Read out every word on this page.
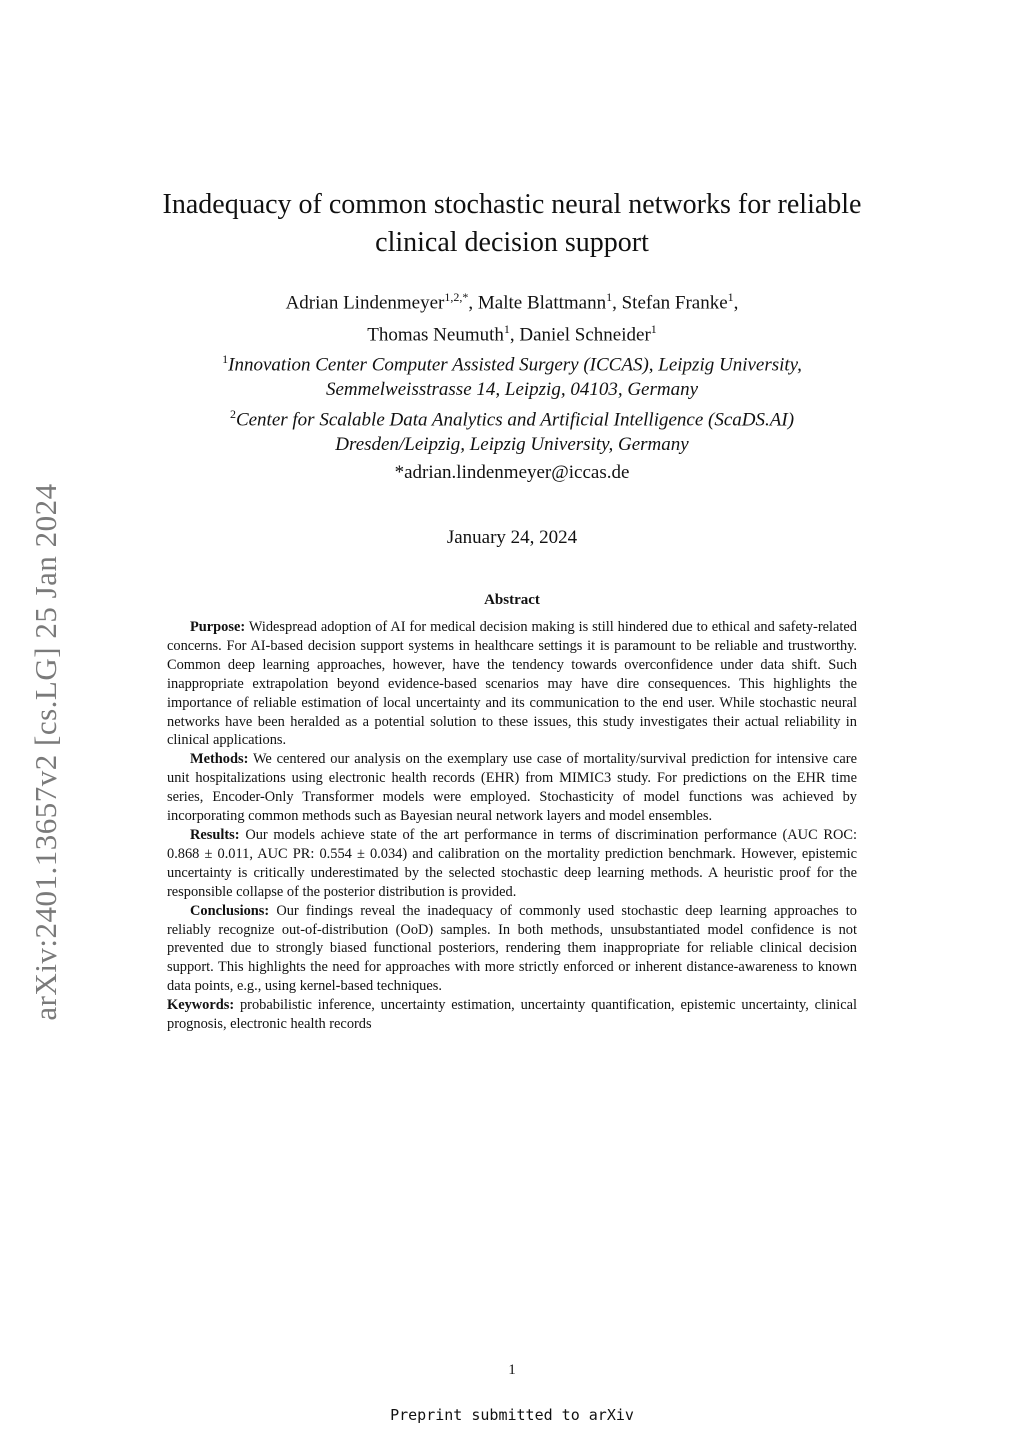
arXiv:2401.13657v2 [cs.LG] 25 Jan 2024
Inadequacy of common stochastic neural networks for reliable
clinical decision support
Adrian Lindenmeyer$^{1,2,*}$, Malte Blattmann$^1$, Stefan Franke$^1$,
Thomas Neumuth$^1$, Daniel Schneider$^1$
$^1$Innovation Center Computer Assisted Surgery (ICCAS), Leipzig University,
Semmelweisstrasse 14, Leipzig, 04103, Germany
$^2$Center for Scalable Data Analytics and Artificial Intelligence (ScaDS.AI)
Dresden/Leipzig, Leipzig University, Germany
*adrian.lindenmeyer@iccas.de
January 24, 2024
Abstract

Purpose: Widespread adoption of AI for medical decision making is still hindered due to ethical and safety-related concerns. For AI-based decision support systems in healthcare settings it is paramount to be reliable and trustworthy. Common deep learning approaches, however, have the tendency towards overconfidence under data shift. Such inappropriate extrapolation beyond evidence-based scenarios may have dire consequences. This highlights the importance of reliable estimation of local uncertainty and its communication to the end user. While stochastic neural networks have been heralded as a potential solution to these issues, this study investigates their actual reliability in clinical applications.

Methods: We centered our analysis on the exemplary use case of mortality/survival prediction for intensive care unit hospitalizations using electronic health records (EHR) from MIMIC3 study. For predictions on the EHR time series, Encoder-Only Transformer models were employed. Stochasticity of model functions was achieved by incorporating common methods such as Bayesian neural network layers and model ensembles.

Results: Our models achieve state of the art performance in terms of discrimination performance (AUC ROC: 0.868 ± 0.011, AUC PR: 0.554 ± 0.034) and calibration on the mortality prediction benchmark. However, epistemic uncertainty is critically underestimated by the selected stochastic deep learning methods. A heuristic proof for the responsible collapse of the posterior distribution is provided.

Conclusions: Our findings reveal the inadequacy of commonly used stochastic deep learning approaches to reliably recognize out-of-distribution (OoD) samples. In both methods, unsubstantiated model confidence is not prevented due to strongly biased functional posteriors, rendering them inappropriate for reliable clinical decision support. This highlights the need for approaches with more strictly enforced or inherent distance-awareness to known data points, e.g., using kernel-based techniques.

Keywords: probabilistic inference, uncertainty estimation, uncertainty quantification, epistemic uncertainty, clinical prognosis, electronic health records

1
Preprint submitted to arXiv
